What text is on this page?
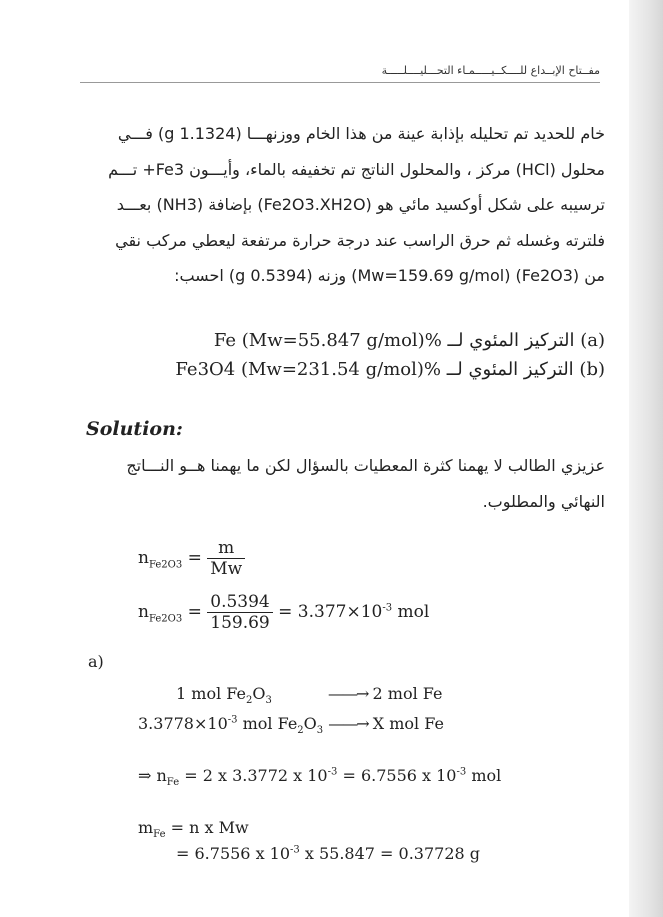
مفــتاح الإبــداع للــــكــيـــــمـاء التحـــليــــلـــــة
خام للحديد تم تحليله بإذابة عينة من هذا الخام ووزنهـــا (1.1324 g) فـــي
محلول (HCl) مركز ، والمحلول الناتج تم تخفيفه بالماء، وأيـــون Fe3+ تـــم
ترسيبه على شكل أوكسيد مائي هو (Fe2O3.XH2O) بإضافة (NH3) بعـــد
فلترته وغسله ثم حرق الراسب عند درجة حرارة مرتفعة ليعطي مركب نقي
من (Fe2O3) (Mw=159.69 g/mol) وزنه (0.5394 g) احسب:
(a) التركيز المئوي لــ %Fe (Mw=55.847 g/mol)
(b) التركيز المئوي لــ %Fe3O4 (Mw=231.54 g/mol)
Solution:
عزيزي الطالب لا يهمنا كثرة المعطيات بالسؤال لكن ما يهمنا هــو النـــاتج
النهائي والمطلوب.
$n_{Fe2O3} = \frac{m}{Mw}$
$n_{Fe2O3} = \frac{0.5394}{159.69} = 3.377\times 10^{-3}$ mol
a)
1 mol $Fe_2O_3$	——→ 2 mol Fe
$3.3778\times 10^{-3}$ mol $Fe_2O_3$ ——→ X mol Fe
⇒ $n_{Fe} = 2$ x 3.3772 x $10^{-3} = 6.7556$ x $10^{-3}$ mol
$m_{Fe} = n$ x Mw
= 6.7556 x $10^{-3}$ x 55.847 = 0.37728 g
